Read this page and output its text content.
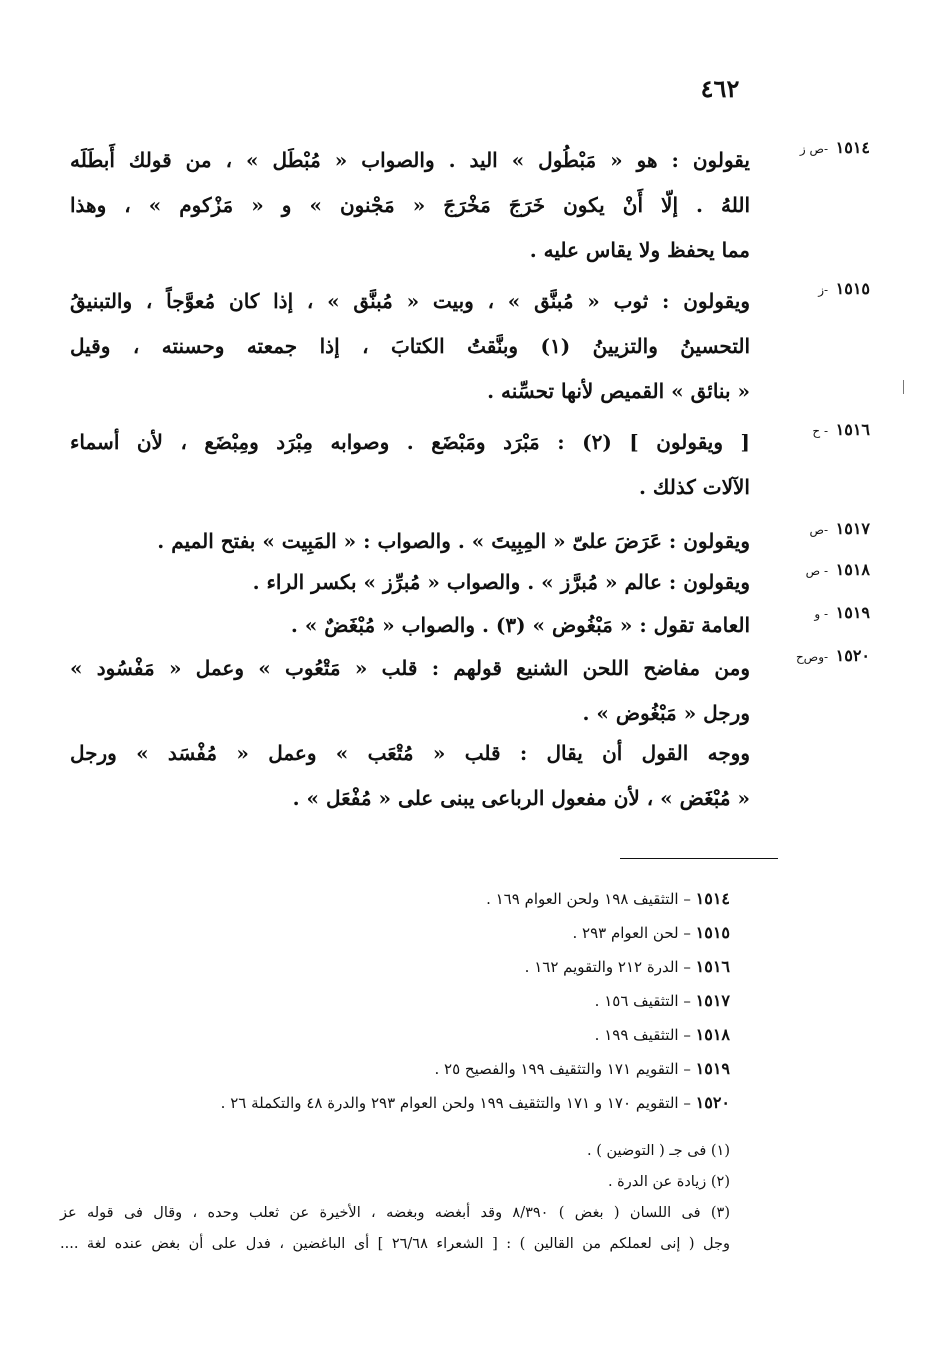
٤٦٢
١٥١٤ -ص ز
يقولون : هو « مَبْطُول » اليد . والصواب « مُبْطَل » ، من قولك أَبطَلَه
اللهُ . إلّا أَنْ يكون خَرَجَ مَخْرَجَ « مَجْنون » و « مَزْكوم » ، وهذا
مما يحفظ ولا يقاس عليه .
١٥١٥ -ز
ويقولون : ثوب « مُبنَّق » ، وبيت « مُبنَّق » ، إذا كان مُعوَّجاً ، والتبنيقُ
التحسينُ والتزيينُ (١) وبنَّقتُ الكتابَ ، إذا جمعته وحسنته ، وقيل
« بنائق » القميص لأنها تحسِّنه .
١٥١٦ - ح
[ ويقولون ] (٢) : مَبْرَد ومَبْضَع . وصوابه مِبْرَد ومِبْضَع ، لأن أسماء
الآلات كذلك .
١٥١٧ -ص
ويقولون : عَرَضَ علىّ « المِبِيتَ » . والصواب : « المَبِيت » بفتح الميم .
١٥١٨ - ص
ويقولون : عالم « مُبرَّز » . والصواب « مُبرِّز » بكسر الراء .
١٥١٩ - و
العامة تقول : « مَبْغُوض » (٣) . والصواب « مُبْغَضٌ » .
١٥٢٠ -وص‌ح
ومن مفاضح اللحن الشنيع قولهم : قلب « مَتْعُوب » وعمل « مَفْسُود »
ورجل « مَبْغُوض » .
ووجه القول أن يقال : قلب « مُتْعَب » وعمل « مُفْسَد » ورجل
« مُبْغَض » ، لأن مفعول الرباعى يبنى على « مُفْعَل » .
١٥١٤ – التثقيف ١٩٨ ولحن العوام ١٦٩ .
١٥١٥ – لحن العوام ٢٩٣ .
١٥١٦ – الدرة ٢١٢ والتقويم ١٦٢ .
١٥١٧ – التثقيف ١٥٦ .
١٥١٨ – التثقيف ١٩٩ .
١٥١٩ – التقويم ١٧١ والتثقيف ١٩٩ والفصيح ٢٥ .
١٥٢٠ – التقويم ١٧٠ و ١٧١ والتثقيف ١٩٩ ولحن العوام ٢٩٣ والدرة ٤٨ والتكملة ٢٦ .
(١) فى جـ ( التوضين ) .
(٢) زيادة عن الدرة .
(٣) فى اللسان ( بغض ) ٨/٣٩٠ وقد أبغضه وبغضه ، الأخيرة عن ثعلب وحده ، وقال فى قوله عز
وجل ( إنى لعملكم من القالين ) : [ الشعراء ٢٦/٦٨ ] أى الباغضين ، فدل على أن بغض عنده لغة ....
